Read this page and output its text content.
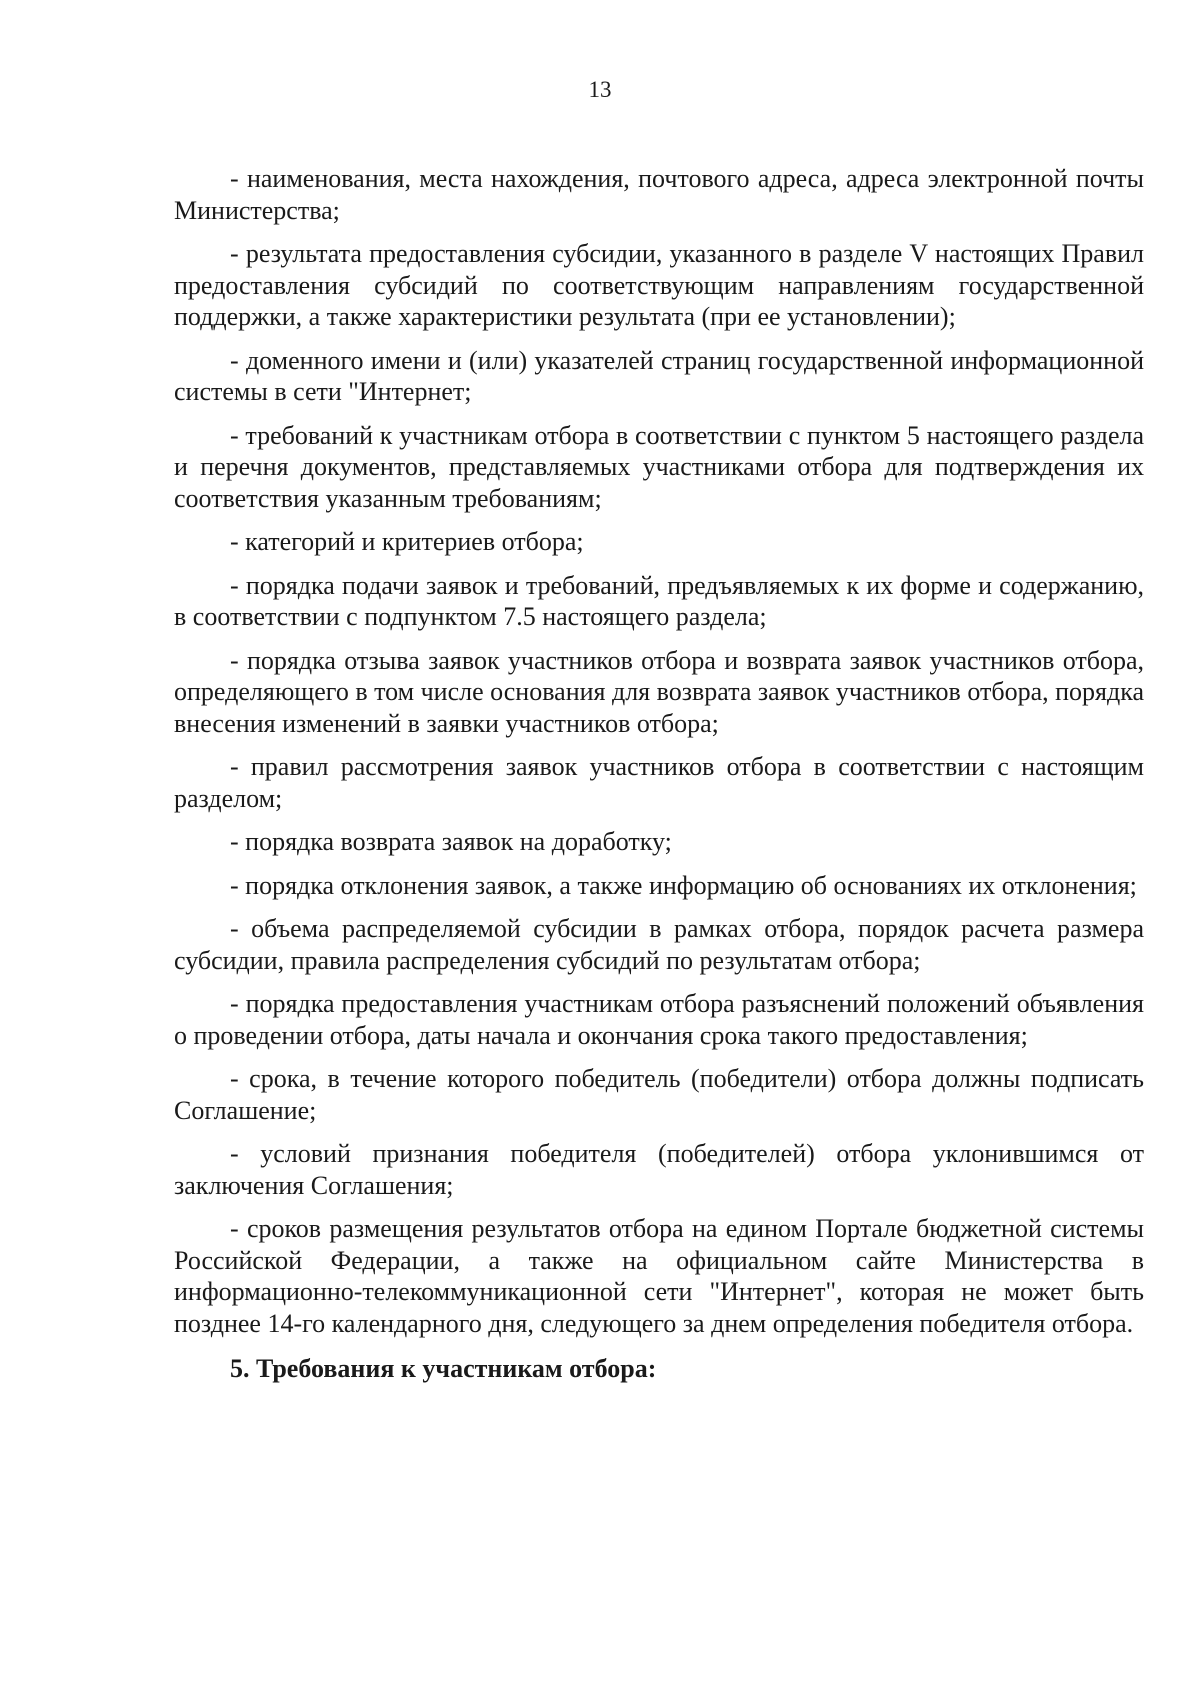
13

- наименования, места нахождения, почтового адреса, адреса электронной почты Министерства;

- результата предоставления субсидии, указанного в разделе V настоящих Правил предоставления субсидий по соответствующим направлениям государственной поддержки, а также характеристики результата (при ее установлении);

- доменного имени и (или) указателей страниц государственной информационной системы в сети "Интернет;

- требований к участникам отбора в соответствии с пунктом 5 настоящего раздела и перечня документов, представляемых участниками отбора для подтверждения их соответствия указанным требованиям;

- категорий и критериев отбора;

- порядка подачи заявок и требований, предъявляемых к их форме и содержанию, в соответствии с подпунктом 7.5 настоящего раздела;

- порядка отзыва заявок участников отбора и возврата заявок участников отбора, определяющего в том числе основания для возврата заявок участников отбора, порядка внесения изменений в заявки участников отбора;

- правил рассмотрения заявок участников отбора в соответствии с настоящим разделом;

- порядка возврата заявок на доработку;

- порядка отклонения заявок, а также информацию об основаниях их отклонения;

- объема распределяемой субсидии в рамках отбора, порядок расчета размера субсидии, правила распределения субсидий по результатам отбора;

- порядка предоставления участникам отбора разъяснений положений объявления о проведении отбора, даты начала и окончания срока такого предоставления;

- срока, в течение которого победитель (победители) отбора должны подписать Соглашение;

- условий признания победителя (победителей) отбора уклонившимся от заключения Соглашения;

- сроков размещения результатов отбора на едином Портале бюджетной системы Российской Федерации, а также на официальном сайте Министерства в информационно-телекоммуникационной сети "Интернет", которая не может быть позднее 14-го календарного дня, следующего за днем определения победителя отбора.

5. Требования к участникам отбора:
